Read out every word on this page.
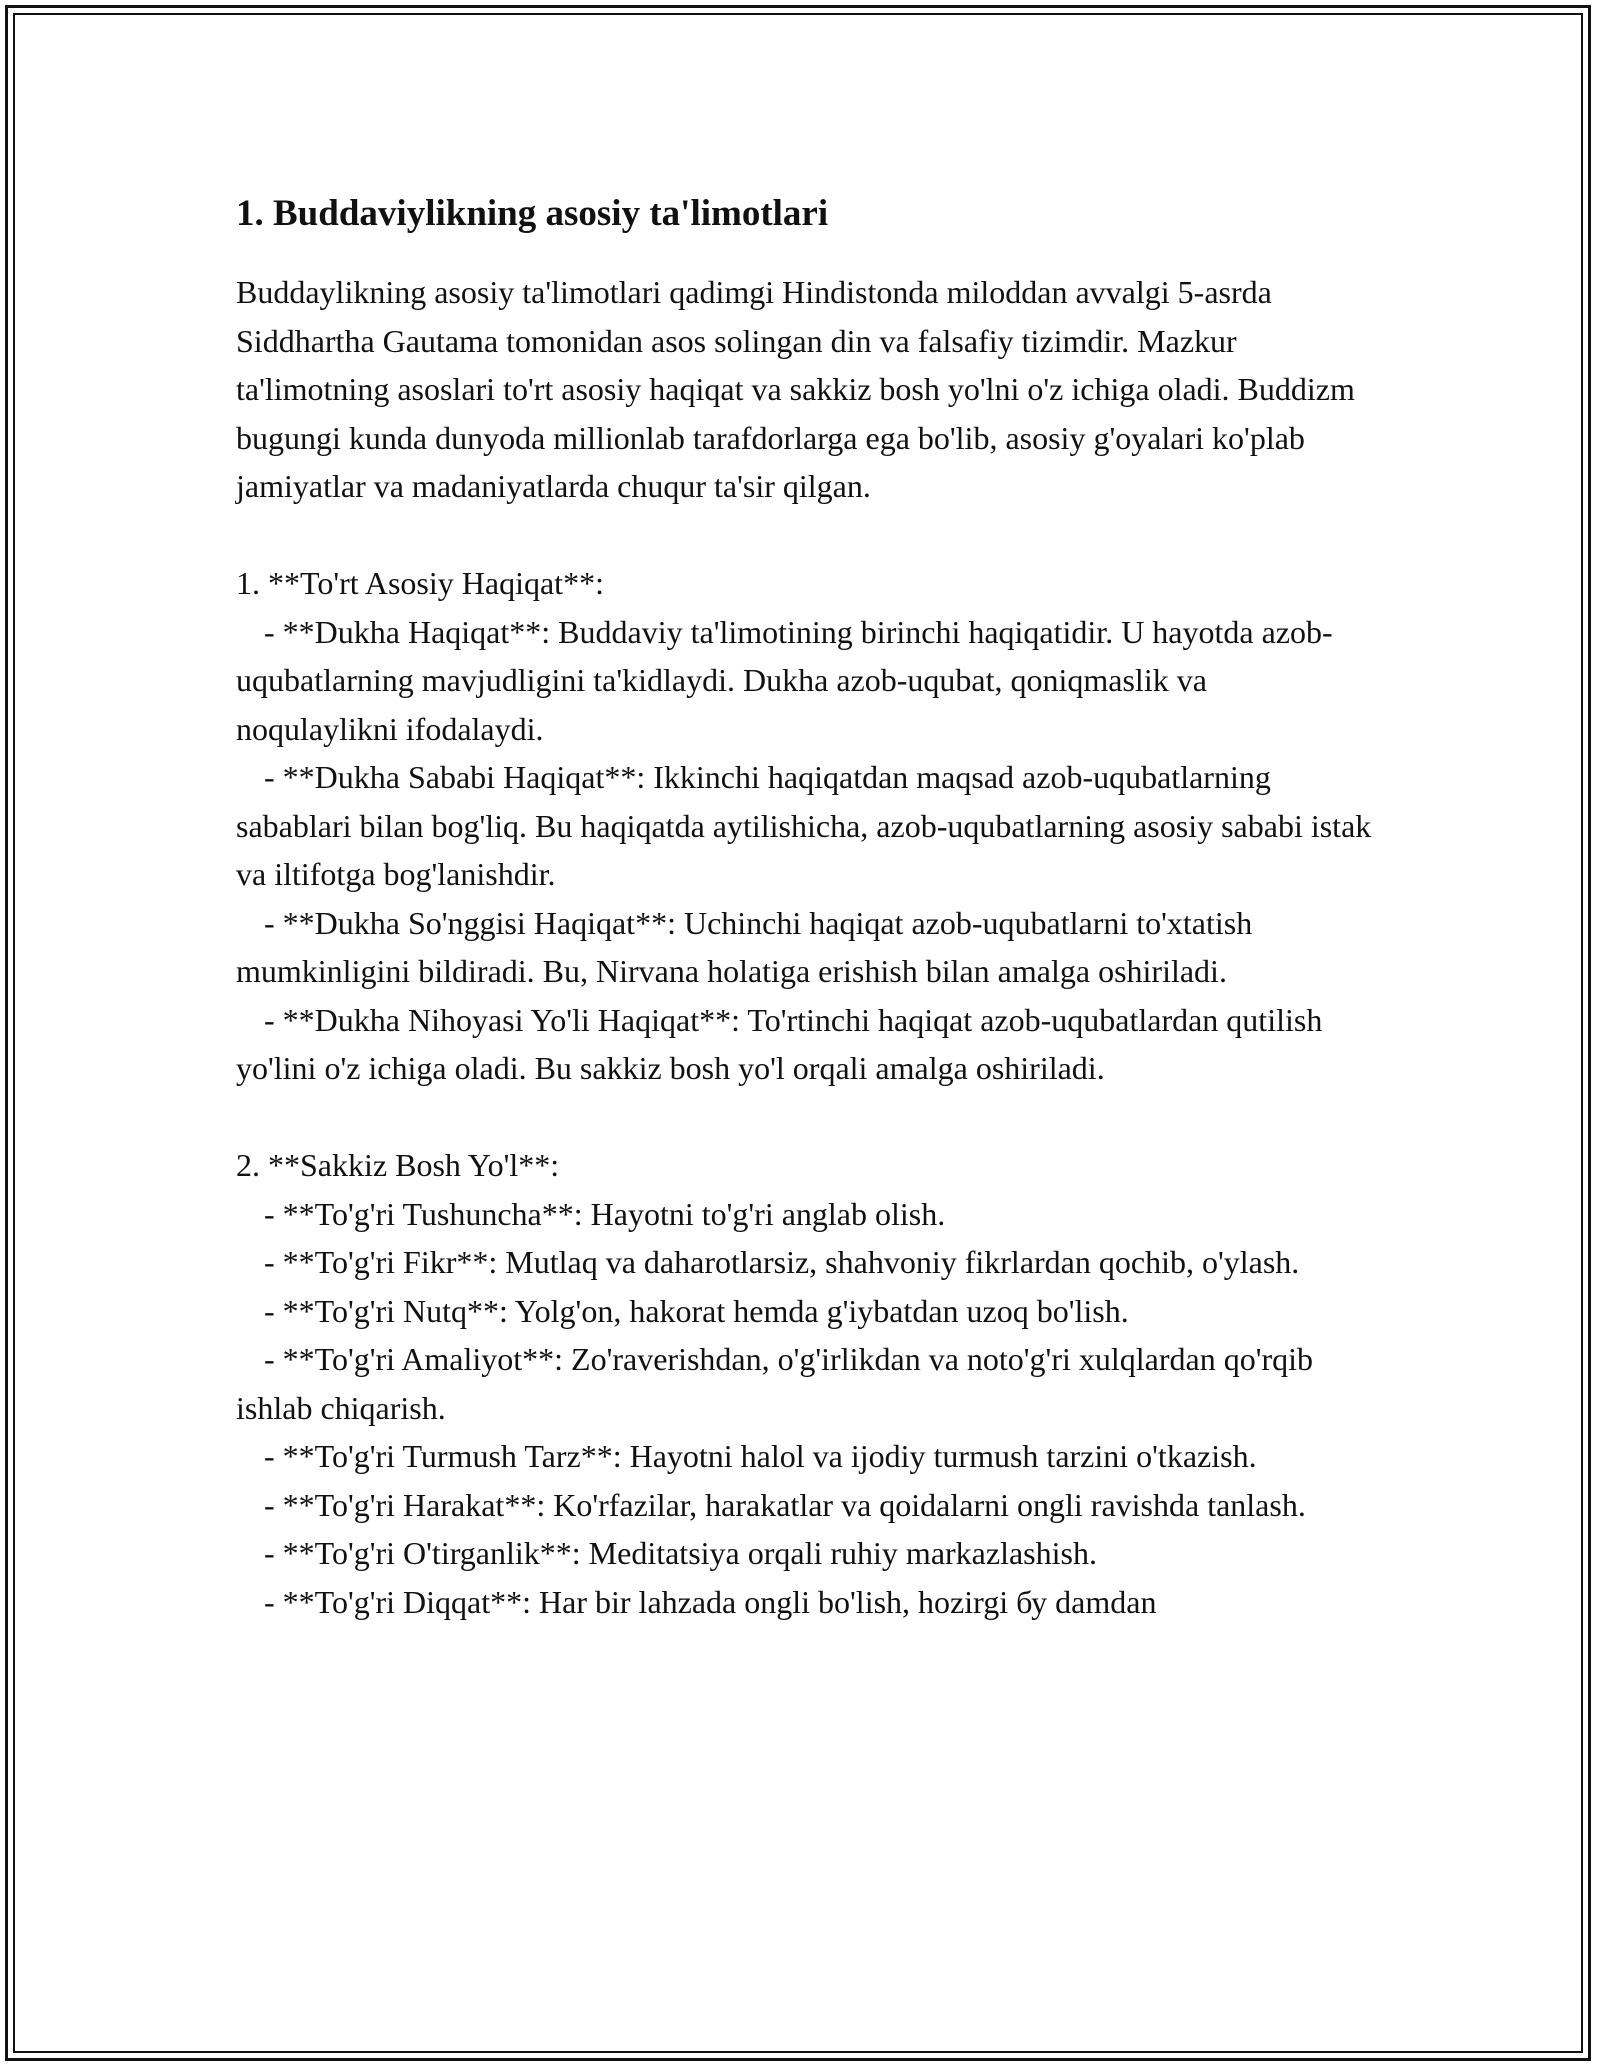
1. Buddaviylikning asosiy ta'limotlari

Buddaylikning asosiy ta'limotlari qadimgi Hindistonda miloddan avvalgi 5-asrda Siddhartha Gautama tomonidan asos solingan din va falsafiy tizimdir. Mazkur ta'limotning asoslari to'rt asosiy haqiqat va sakkiz bosh yo'lni o'z ichiga oladi. Buddizm bugungi kunda dunyoda millionlab tarafdorlarga ega bo'lib, asosiy g'oyalari ko'plab jamiyatlar va madaniyatlarda chuqur ta'sir qilgan.

1. **To'rt Asosiy Haqiqat**:

- **Dukha Haqiqat**: Buddaviy ta'limotining birinchi haqiqatidir. U hayotda azob-uqubatlarning mavjudligini ta'kidlaydi. Dukha azob-uqubat, qoniqmaslik va noqulaylikni ifodalaydi.

- **Dukha Sababi Haqiqat**: Ikkinchi haqiqatdan maqsad azob-uqubatlarning sabablari bilan bog'liq. Bu haqiqatda aytilishicha, azob-uqubatlarning asosiy sababi istak va iltifotga bog'lanishdir.

- **Dukha So'nggisi Haqiqat**: Uchinchi haqiqat azob-uqubatlarni to'xtatish mumkinligini bildiradi. Bu, Nirvana holatiga erishish bilan amalga oshiriladi.

- **Dukha Nihoyasi Yo'li Haqiqat**: To'rtinchi haqiqat azob-uqubatlardan qutilish yo'lini o'z ichiga oladi. Bu sakkiz bosh yo'l orqali amalga oshiriladi.

2. **Sakkiz Bosh Yo'l**:

- **To'g'ri Tushuncha**: Hayotni to'g'ri anglab olish.

- **To'g'ri Fikr**: Mutlaq va daharotlarsiz, shahvoniy fikrlardan qochib, o'ylash.

- **To'g'ri Nutq**: Yolg'on, hakorat hemda g'iybatdan uzoq bo'lish.

- **To'g'ri Amaliyot**: Zo'raverishdan, o'g'irlikdan va noto'g'ri xulqlardan qo'rqib ishlab chiqarish.

- **To'g'ri Turmush Tarz**: Hayotni halol va ijodiy turmush tarzini o'tkazish.

- **To'g'ri Harakat**: Ko'rfazilar, harakatlar va qoidalarni ongli ravishda tanlash.

- **To'g'ri O'tirganlik**: Meditatsiya orqali ruhiy markazlashish.

- **To'g'ri Diqqat**: Har bir lahzada ongli bo'lish, hozirgi бу damdan
